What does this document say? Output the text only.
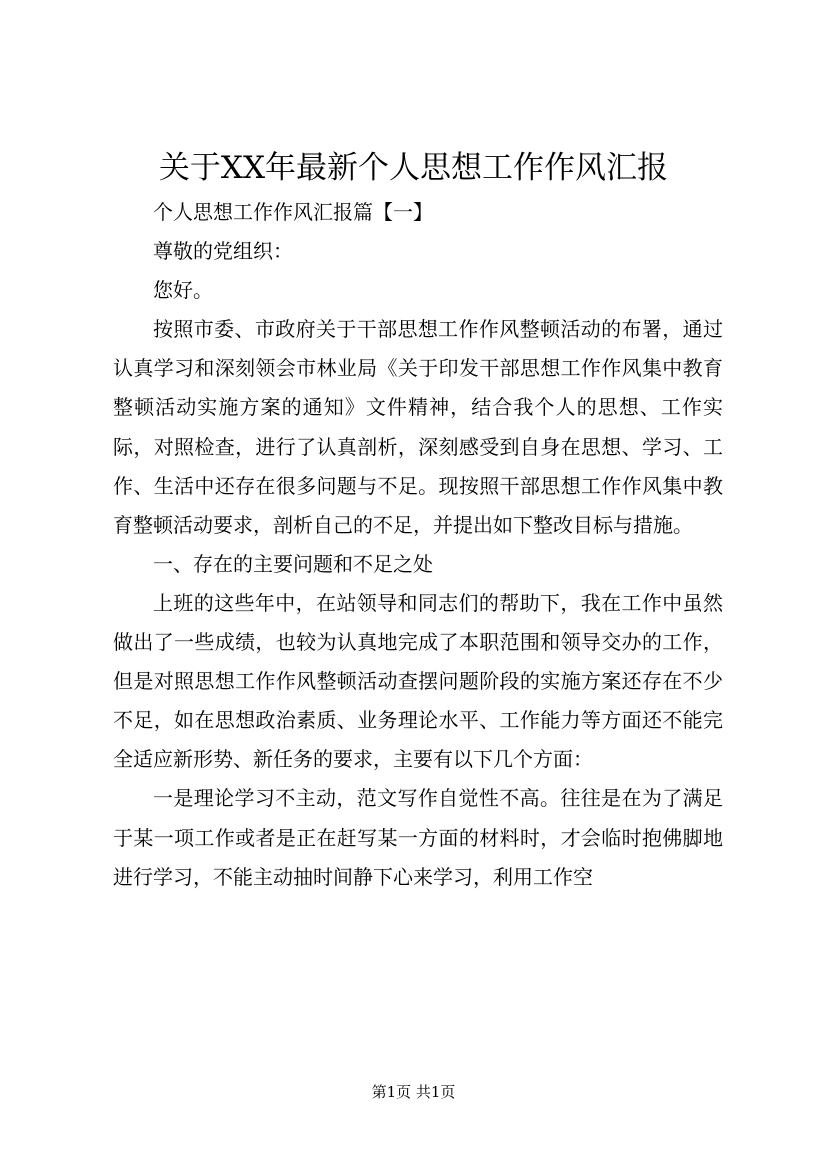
关于XX年最新个人思想工作作风汇报

个人思想工作作风汇报篇【一】

尊敬的党组织：

您好。

按照市委、市政府关于干部思想工作作风整顿活动的布署，通过认真学习和深刻领会市林业局《关于印发干部思想工作作风集中教育整顿活动实施方案的通知》文件精神，结合我个人的思想、工作实际，对照检查，进行了认真剖析，深刻感受到自身在思想、学习、工作、生活中还存在很多问题与不足。现按照干部思想工作作风集中教育整顿活动要求，剖析自己的不足，并提出如下整改目标与措施。

一、存在的主要问题和不足之处

上班的这些年中，在站领导和同志们的帮助下，我在工作中虽然做出了一些成绩，也较为认真地完成了本职范围和领导交办的工作，但是对照思想工作作风整顿活动查摆问题阶段的实施方案还存在不少不足，如在思想政治素质、业务理论水平、工作能力等方面还不能完全适应新形势、新任务的要求，主要有以下几个方面：

一是理论学习不主动，范文写作自觉性不高。往往是在为了满足于某一项工作或者是正在赶写某一方面的材料时，才会临时抱佛脚地进行学习，不能主动抽时间静下心来学习，利用工作空

第1页 共1页
